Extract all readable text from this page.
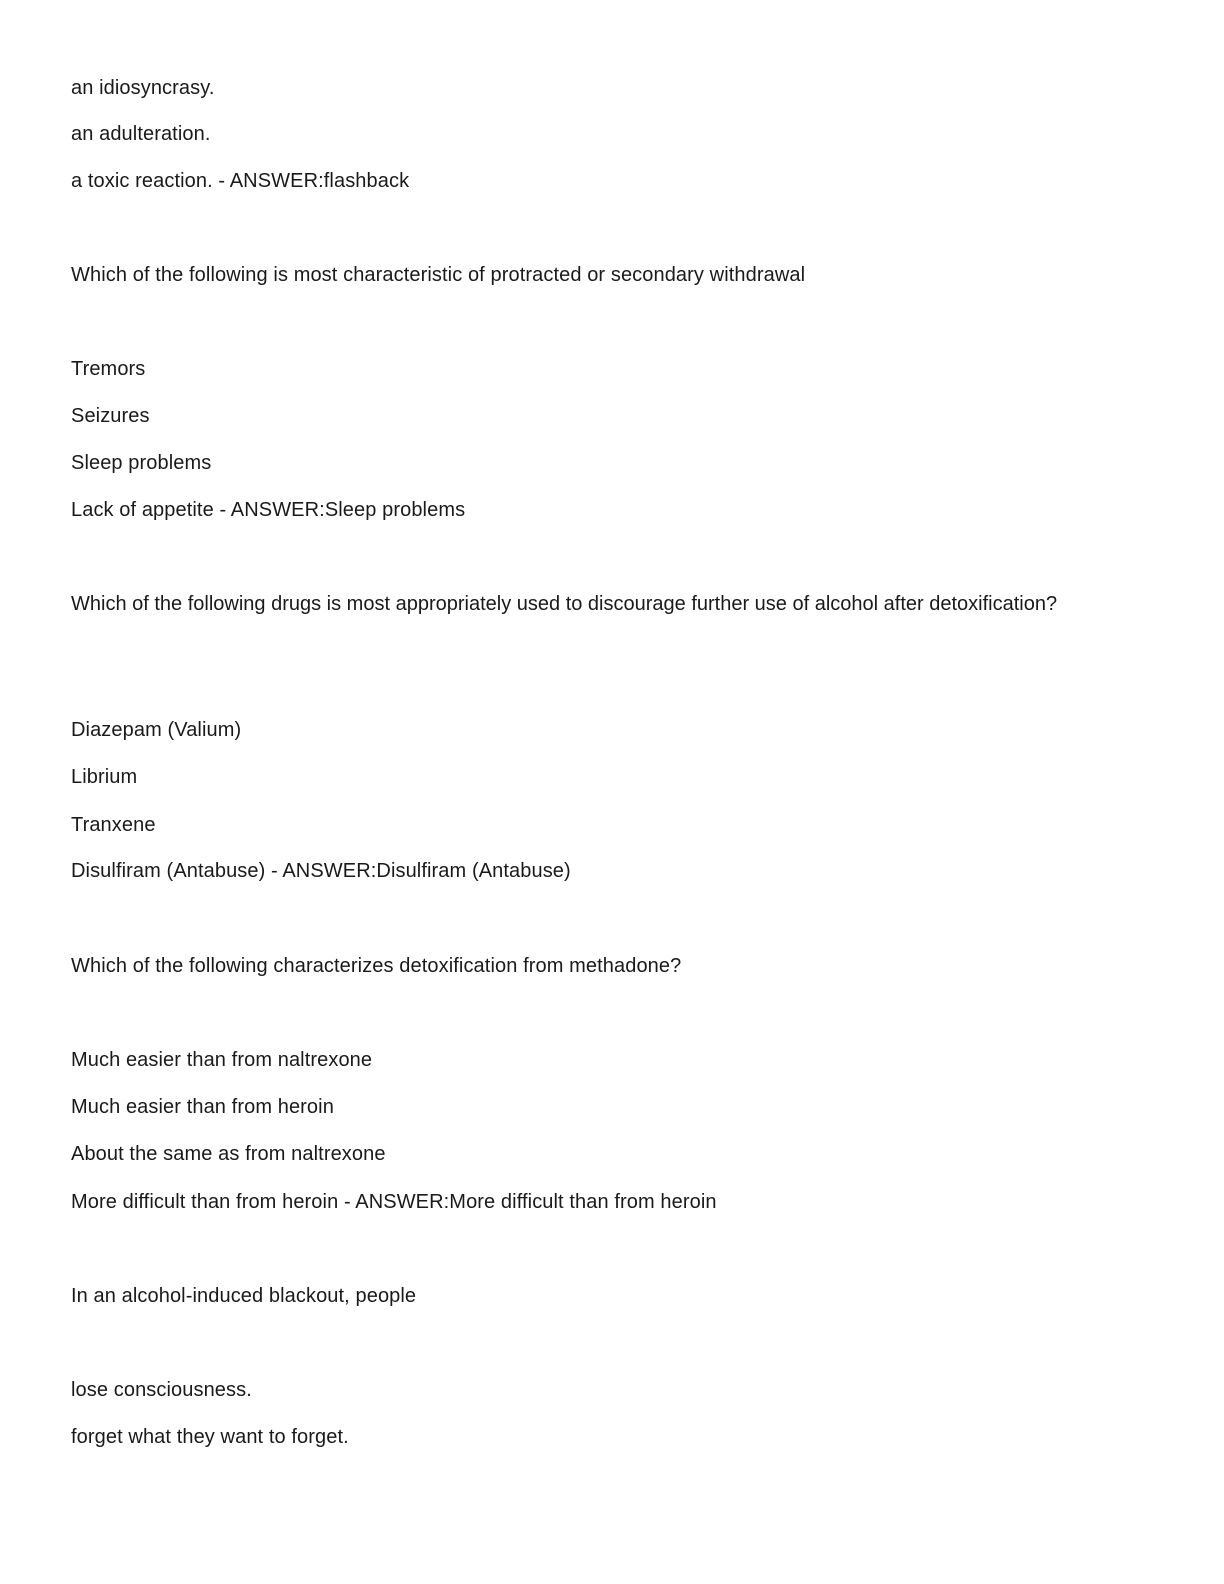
an idiosyncrasy.
an adulteration.
a toxic reaction. - ANSWER:flashback
Which of the following is most characteristic of protracted or secondary withdrawal
Tremors
Seizures
Sleep problems
Lack of appetite - ANSWER:Sleep problems
Which of the following drugs is most appropriately used to discourage further use of alcohol after detoxification?
Diazepam (Valium)
Librium
Tranxene
Disulfiram (Antabuse) - ANSWER:Disulfiram (Antabuse)
Which of the following characterizes detoxification from methadone?
Much easier than from naltrexone
Much easier than from heroin
About the same as from naltrexone
More difficult than from heroin - ANSWER:More difficult than from heroin
In an alcohol-induced blackout, people
lose consciousness.
forget what they want to forget.
